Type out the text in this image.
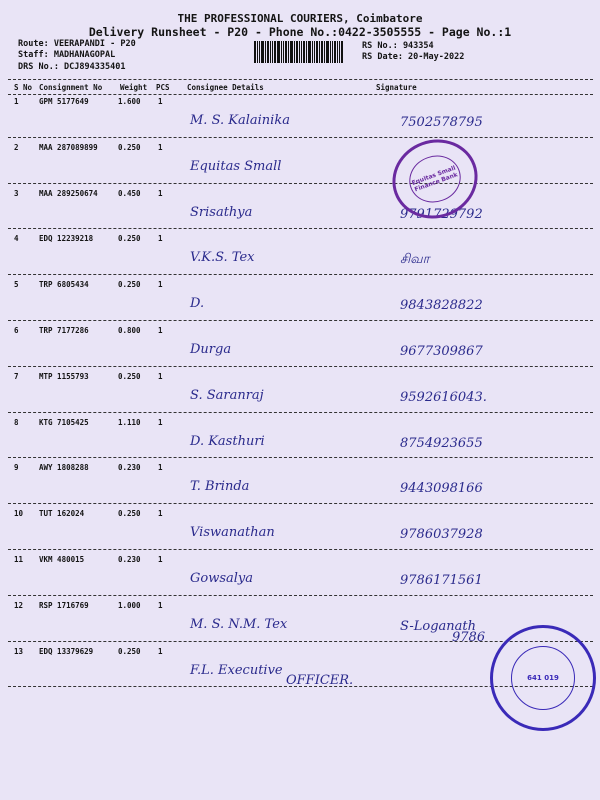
THE PROFESSIONAL COURIERS, Coimbatore
Delivery Runsheet - P20 - Phone No.:0422-3505555 - Page No.:1
Route: VEERAPANDI - P20
Staff: MADHANAGOPAL
DRS No.: DCJ894335401
RS No.: 943354
RS Date: 20-May-2022
S No Consignment No Weight PCS Consignee Details	Signature
1	GPM 5177649	1.600 1
M. S. Kalainika	7502578795
2	MAA 287089899	0.250 1
Equitas Small
3	MAA 289250674	0.450 1
Srisathya	9791729792
4	EDQ 12239218	0.250 1
V.K.S. Tex	சிவா
5	TRP 6805434	0.250 1
D.	9843828822
6	TRP 7177286	0.800 1
Durga	9677309867
7	MTP 1155793	0.250 1
S. Saranraj	9592616043.
8	KTG 7105425	1.110 1
D. Kasthuri	8754923655
9	AWY 1808288	0.230 1
T. Brinda	9443098166
10 TUT 162024	0.250 1
Viswanathan	9786037928
11 VKM 480015	0.230 1
Gowsalya	9786171561
12 RSP 1716769	1.000 1
M. S. N.M. Tex	S-Loganath
13 EDQ 13379629	0.250 1
F.L. Executive
Equitas Small Finance Bank
641 019
OFFICER.
9786
